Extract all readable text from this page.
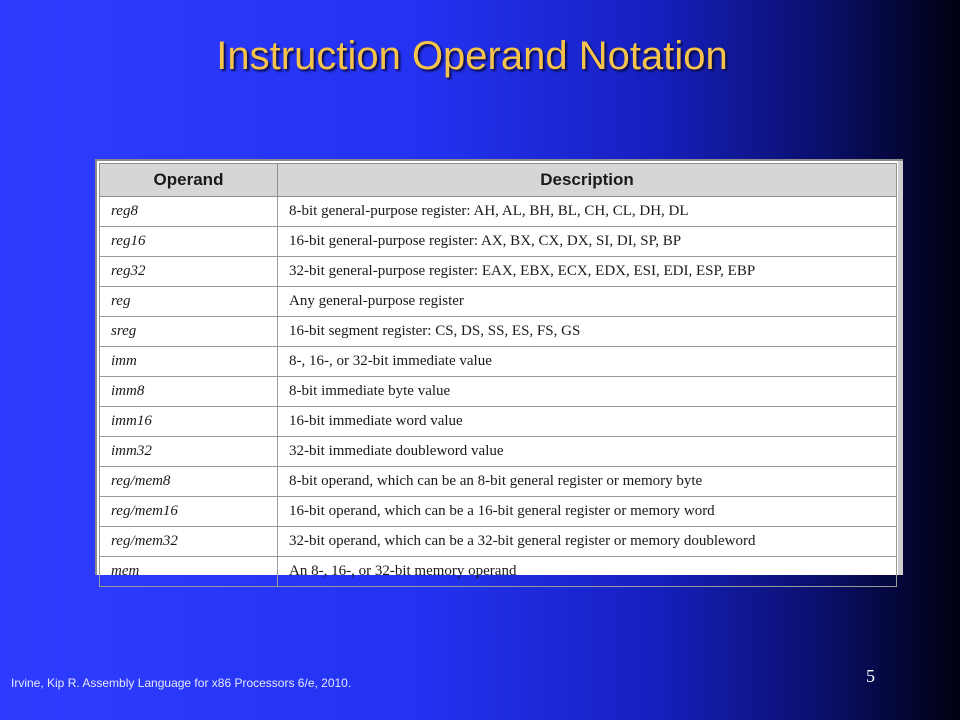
Instruction Operand Notation
Operand	Description
reg8	8-bit general-purpose register: AH, AL, BH, BL, CH, CL, DH, DL
reg16	16-bit general-purpose register: AX, BX, CX, DX, SI, DI, SP, BP
reg32	32-bit general-purpose register: EAX, EBX, ECX, EDX, ESI, EDI, ESP, EBP
reg	Any general-purpose register
sreg	16-bit segment register: CS, DS, SS, ES, FS, GS
imm	8-, 16-, or 32-bit immediate value
imm8	8-bit immediate byte value
imm16	16-bit immediate word value
imm32	32-bit immediate doubleword value
reg/mem8	8-bit operand, which can be an 8-bit general register or memory byte
reg/mem16	16-bit operand, which can be a 16-bit general register or memory word
reg/mem32	32-bit operand, which can be a 32-bit general register or memory doubleword
mem	An 8-, 16-, or 32-bit memory operand
Irvine, Kip R. Assembly Language for x86 Processors 6/e, 2010.	5
